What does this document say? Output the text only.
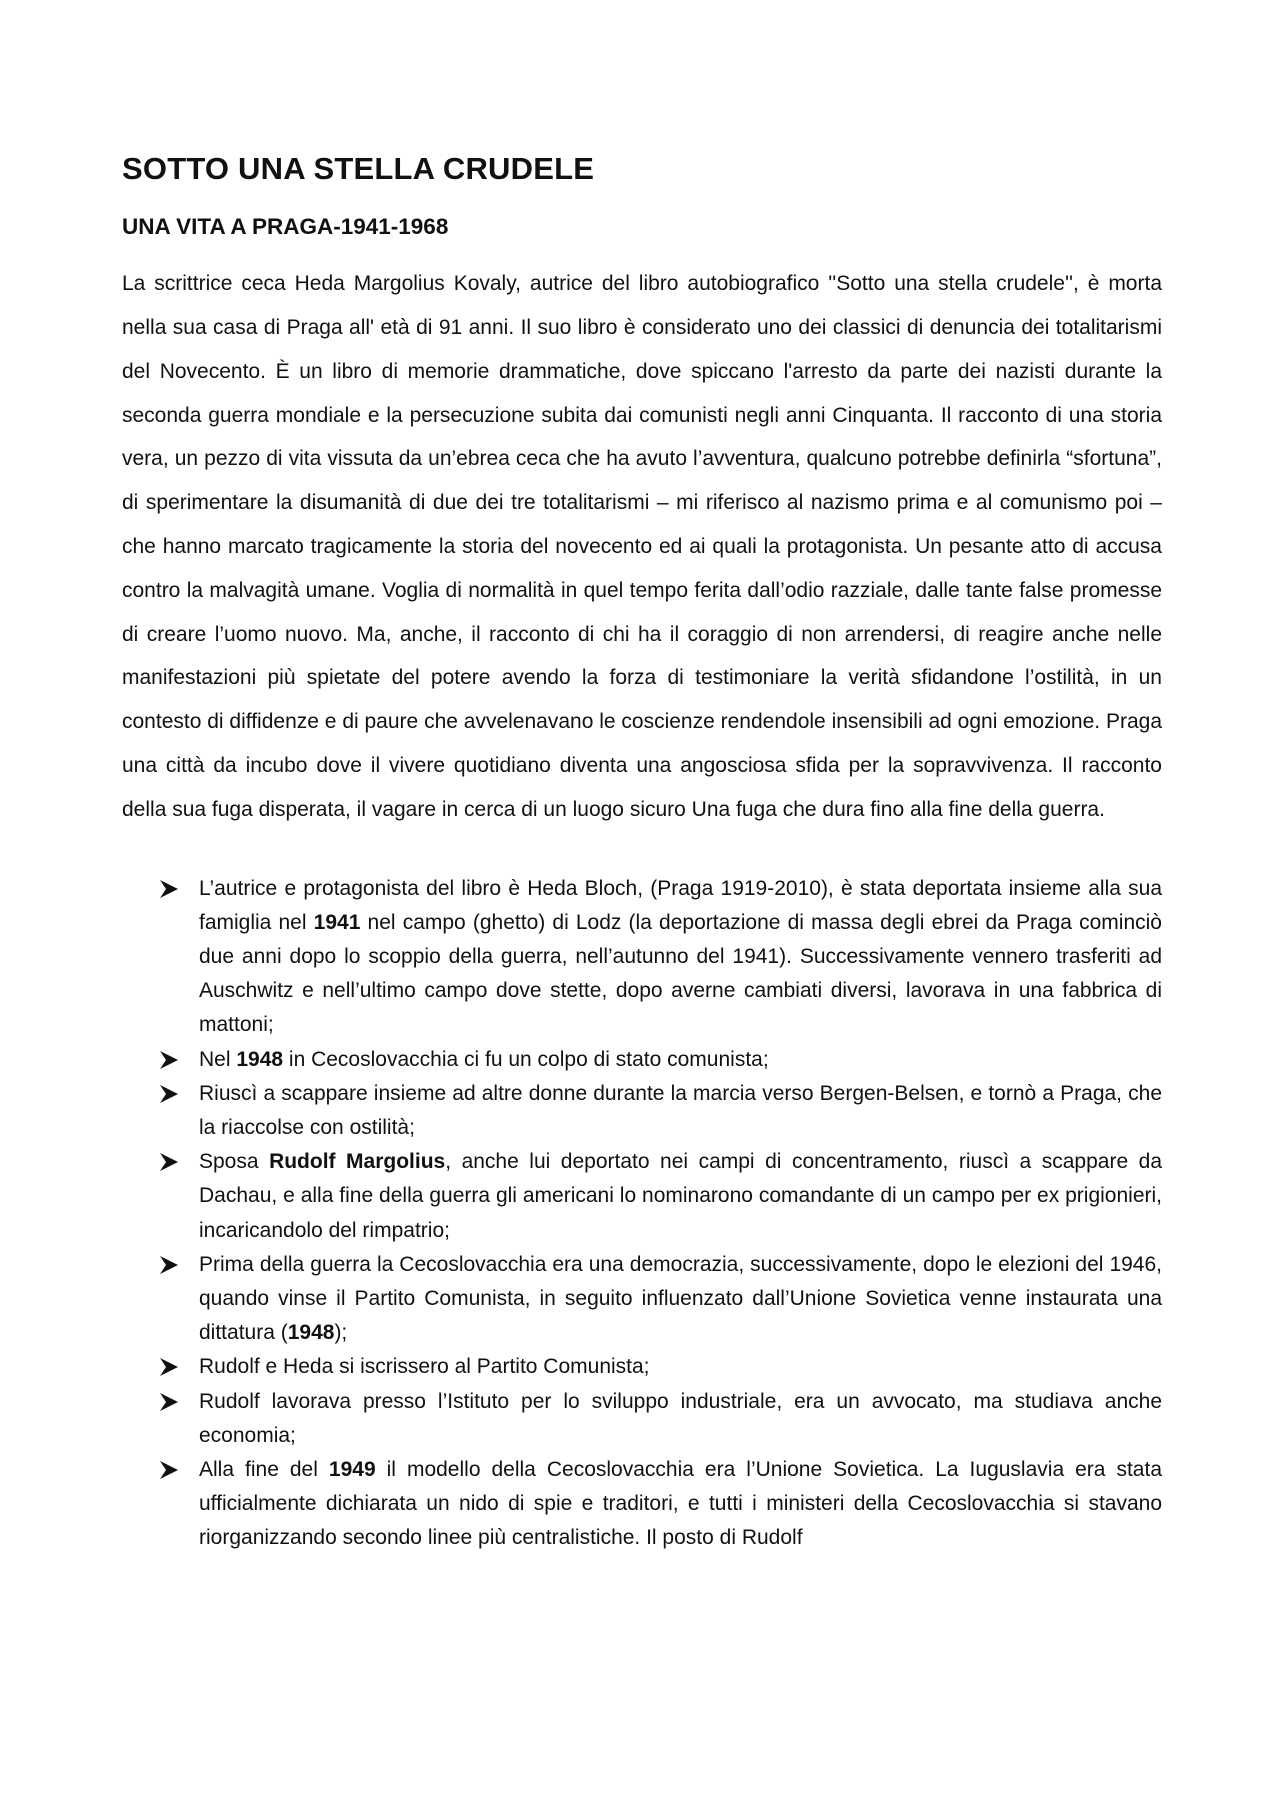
SOTTO UNA STELLA CRUDELE
UNA VITA A PRAGA-1941-1968

La scrittrice ceca Heda Margolius Kovaly, autrice del libro autobiografico ''Sotto una stella crudele'', è morta nella sua casa di Praga all' età di 91 anni. Il suo libro è considerato uno dei classici di denuncia dei totalitarismi del Novecento. È un libro di memorie drammatiche, dove spiccano l'arresto da parte dei nazisti durante la seconda guerra mondiale e la persecuzione subita dai comunisti negli anni Cinquanta. Il racconto di una storia vera, un pezzo di vita vissuta da un’ebrea ceca che ha avuto l’avventura, qualcuno potrebbe definirla “sfortuna”, di sperimentare la disumanità di due dei tre totalitarismi – mi riferisco al nazismo prima e al comunismo poi – che hanno marcato tragicamente la storia del novecento ed ai quali la protagonista. Un pesante atto di accusa contro la malvagità umane. Voglia di normalità in quel tempo ferita dall’odio razziale, dalle tante false promesse di creare l’uomo nuovo. Ma, anche, il racconto di chi ha il coraggio di non arrendersi, di reagire anche nelle manifestazioni più spietate del potere avendo la forza di testimoniare la verità sfidandone l’ostilità, in un contesto di diffidenze e di paure che avvelenavano le coscienze rendendole insensibili ad ogni emozione. Praga una città da incubo dove il vivere quotidiano diventa una angosciosa sfida per la sopravvivenza. Il racconto della sua fuga disperata, il vagare in cerca di un luogo sicuro Una fuga che dura fino alla fine della guerra.

L’autrice e protagonista del libro è Heda Bloch, (Praga 1919-2010), è stata deportata insieme alla sua famiglia nel 1941 nel campo (ghetto) di Lodz (la deportazione di massa degli ebrei da Praga cominciò due anni dopo lo scoppio della guerra, nell’autunno del 1941). Successivamente vennero trasferiti ad Auschwitz e nell’ultimo campo dove stette, dopo averne cambiati diversi, lavorava in una fabbrica di mattoni;
Nel 1948 in Cecoslovacchia ci fu un colpo di stato comunista;
Riuscì a scappare insieme ad altre donne durante la marcia verso Bergen-Belsen, e tornò a Praga, che la riaccolse con ostilità;
Sposa Rudolf Margolius, anche lui deportato nei campi di concentramento, riuscì a scappare da Dachau, e alla fine della guerra gli americani lo nominarono comandante di un campo per ex prigionieri, incaricandolo del rimpatrio;
Prima della guerra la Cecoslovacchia era una democrazia, successivamente, dopo le elezioni del 1946, quando vinse il Partito Comunista, in seguito influenzato dall’Unione Sovietica venne instaurata una dittatura (1948);
Rudolf e Heda si iscrissero al Partito Comunista;
Rudolf lavorava presso l’Istituto per lo sviluppo industriale, era un avvocato, ma studiava anche economia;
Alla fine del 1949 il modello della Cecoslovacchia era l’Unione Sovietica. La Iuguslavia era stata ufficialmente dichiarata un nido di spie e traditori, e tutti i ministeri della Cecoslovacchia si stavano riorganizzando secondo linee più centralistiche. Il posto di Rudolf
